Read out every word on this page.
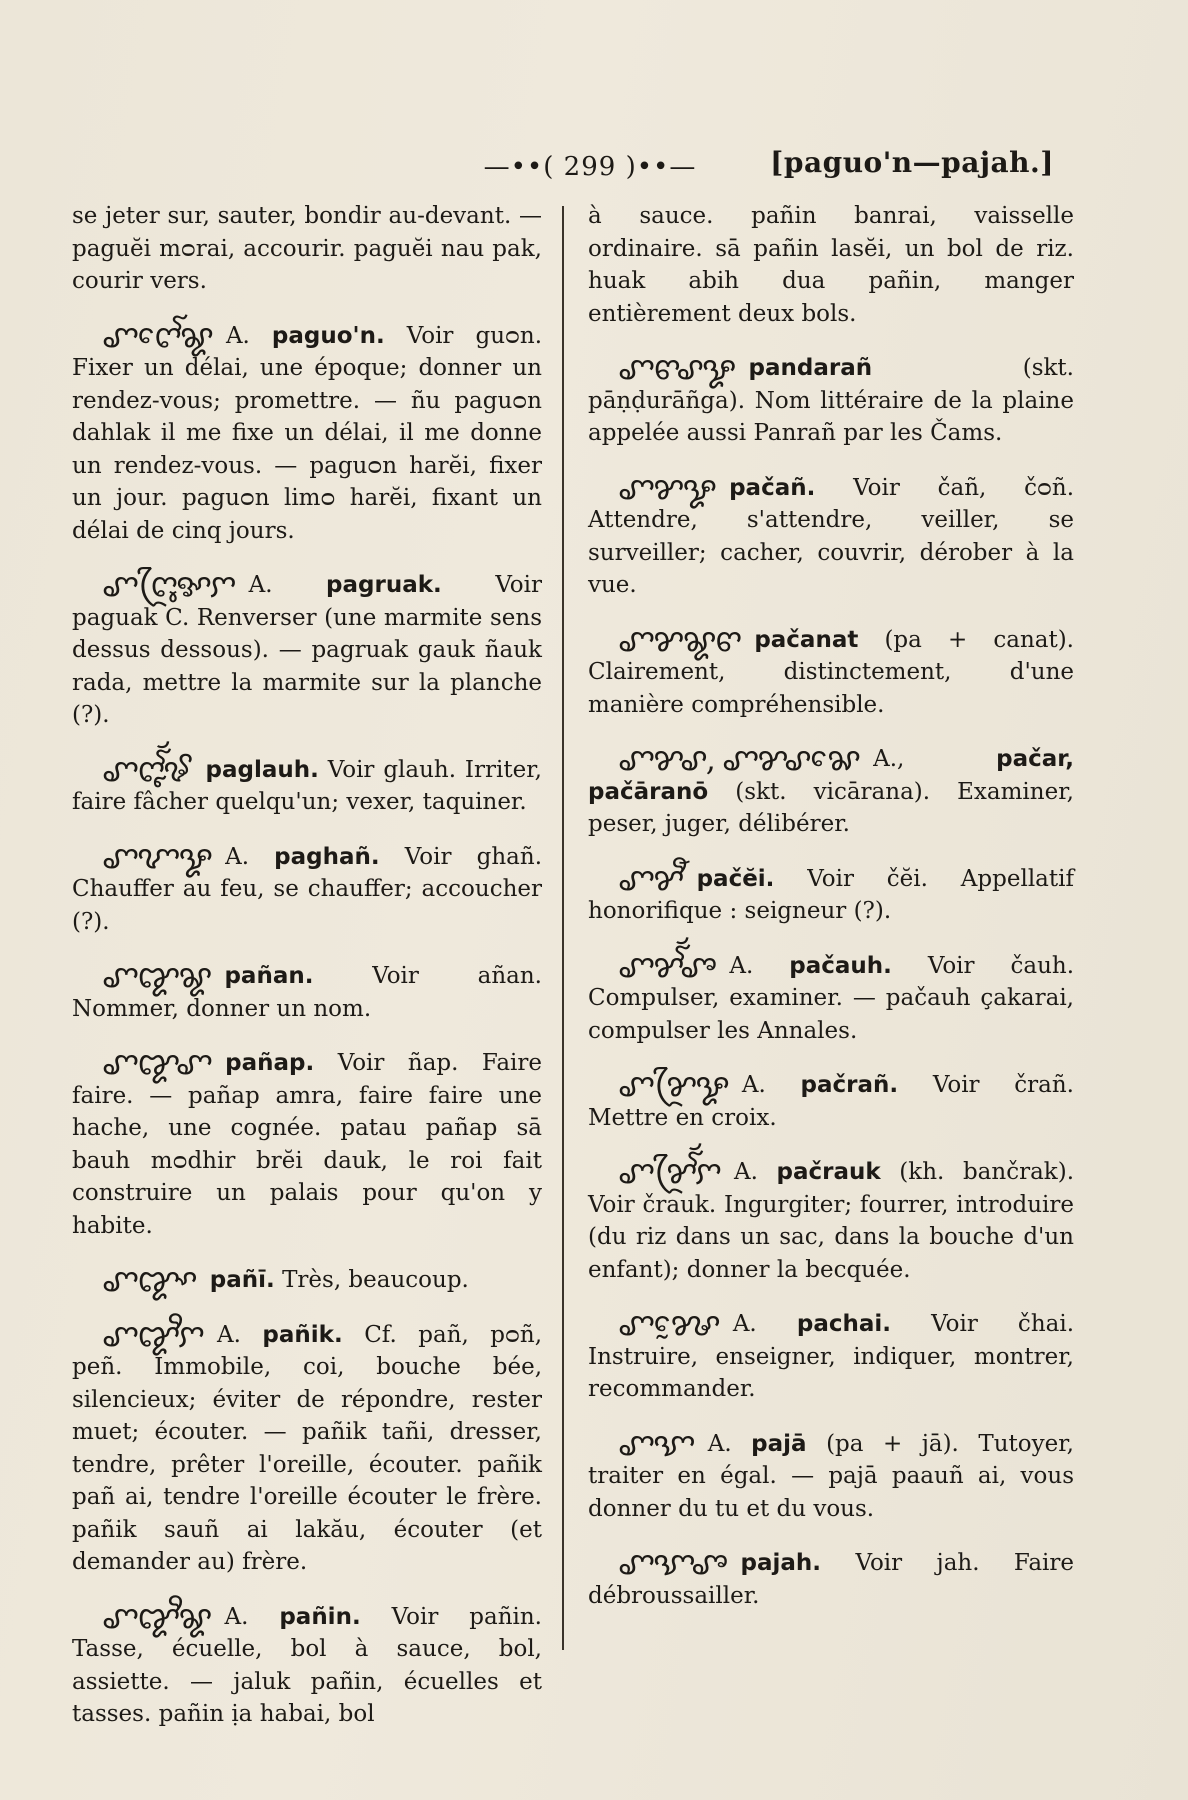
—••( 299 )••—	[paguo'n—pajah.]

se jeter sur, sauter, bondir au-devant. — paguĕi mᴑrai, accourir. paguĕi nau pak, courir vers.

ꨚꨈꨯꨱꨘ A. paguo'n. Voir guᴑn. Fixer un délai, une époque; donner un rendez-vous; promettre. — ñu paguᴑn dahlak il me fixe un délai, il me donne un rendez-vous. — paguᴑn harĕi, fixer un jour. paguᴑn limᴑ harĕi, fixant un délai de cinq jours.

ꨚꨈꨴꨶꨀꨆ A. pagruak. Voir paguak C. Renverser (une marmite sens dessus dessous). — pagruak gauk ñauk rada, mettre la marmite sur la planche (?).

ꨚꨈꨵꨮꨱꨃ paglauh. Voir glauh. Irriter, faire fâcher quelqu'un; vexer, taquiner.

ꨚꨉꨋ A. paghañ. Voir ghañ. Chauffer au feu, se chauffer; accoucher (?).

ꨚꨑꨘ pañan.	Voir añan. Nommer, donner un nom.

ꨚꨑꨚ pañap. Voir ñap. Faire faire. — pañap amra, faire faire une hache, une cognée. patau pañap sā bauh mᴑdhir brĕi dauk, le roi fait construire un palais pour qu'on y habite.

ꨚꨑꨳ pañī. Très, beaucoup.

ꨚꨑꨪꨆ A. pañik. Cf. pañ, pᴑñ, peñ. Immobile, coi, bouche bée, silencieux; éviter de répondre, rester muet; écouter. — pañik tañi, dresser, tendre, prêter l'oreille, écouter. pañik pañ ai, tendre l'oreille écouter le frère. pañik sauñ ai lakău, écouter (et demander au) frère.

ꨚꨑꨪꨘ A. pañin. Voir pañin. Tasse, écuelle, bol à sauce, bol, assiette. — jaluk pañin, écuelles et tasses. pañin ịa habai, bol

à sauce. pañin banrai, vaisselle ordinaire. sā pañin lasĕi, un bol de riz. huak abih dua pañin, manger entièrement deux bols.

ꨚꨓꨣꨋ pandarañ	(skt. pāṇḍurāñga). Nom littéraire de la plaine appelée aussi Panrañ par les Čams.

ꨚꨌꨋ pačañ. Voir čañ, čᴑñ. Attendre, s'attendre, veiller, se surveiller; cacher, couvrir, dérober à la vue.

ꨚꨌꨘꨓ pačanat (pa + canat). Clairement, distinctement, d'une manière compréhensible.

ꨚꨌꨣ, ꨚꨌꨣꨗꨯ A.,	pačar, pačāranō (skt. vicārana). Examiner, peser, juger, délibérer.

ꨚꨌꨬ pačĕi. Voir čĕi. Appellatif honorifique : seigneur (?).

ꨚꨌꨮꨱꨨ A. pačauh. Voir čauh. Compulser, examiner. — pačauh çakarai, compulser les Annales.

ꨚꨌꨴꨋ A. pačrañ. Voir črañ. Mettre en croix.

ꨚꨌꨴꨮꨱꨆ A. pačrauk (kh. bančrak). Voir črauk. Ingurgiter; fourrer, introduire (du riz dans un sac, dans la bouche d'un enfant); donner la becquée.

ꨚꨍꨰ A. pachai. Voir čhai. Instruire, enseigner, indiquer, montrer, recommander.

ꨚꨎ A. pajā (pa + jā). Tutoyer, traiter en égal. — pajā paauñ ai, vous donner du tu et du vous.

ꨚꨎꨨ pajah. Voir jah. Faire débroussailler.
